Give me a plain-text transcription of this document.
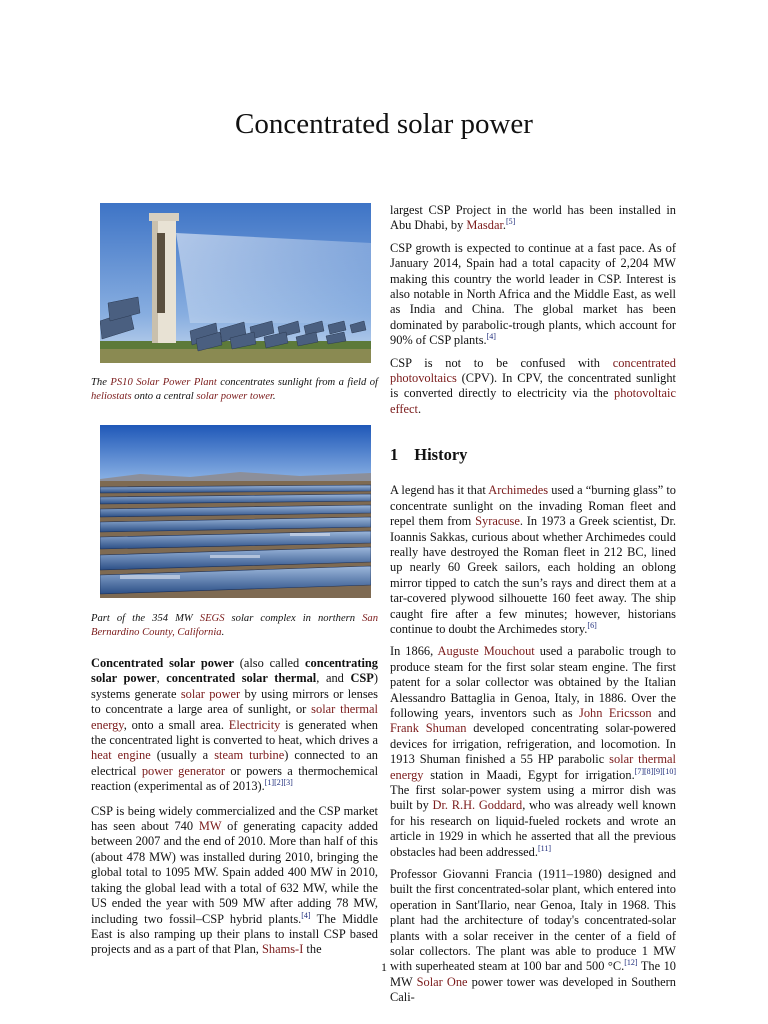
Concentrated solar power

The PS10 Solar Power Plant concentrates sunlight from a field of heliostats onto a central solar power tower.

Part of the 354 MW SEGS solar complex in northern San Bernardino County, California.

Concentrated solar power (also called concentrating solar power, concentrated solar thermal, and CSP) systems generate solar power by using mirrors or lenses to concentrate a large area of sunlight, or solar thermal energy, onto a small area. Electricity is generated when the concentrated light is converted to heat, which drives a heat engine (usually a steam turbine) connected to an electrical power generator or powers a thermochemical reaction (experimental as of 2013).[1][2][3]

CSP is being widely commercialized and the CSP market has seen about 740 MW of generating capacity added between 2007 and the end of 2010. More than half of this (about 478 MW) was installed during 2010, bringing the global total to 1095 MW. Spain added 400 MW in 2010, taking the global lead with a total of 632 MW, while the US ended the year with 509 MW after adding 78 MW, including two fossil–CSP hybrid plants.[4] The Middle East is also ramping up their plans to install CSP based projects and as a part of that Plan, Shams-I the

largest CSP Project in the world has been installed in Abu Dhabi, by Masdar.[5]

CSP growth is expected to continue at a fast pace. As of January 2014, Spain had a total capacity of 2,204 MW making this country the world leader in CSP. Interest is also notable in North Africa and the Middle East, as well as India and China. The global market has been dominated by parabolic-trough plants, which account for 90% of CSP plants.[4]

CSP is not to be confused with concentrated photovoltaics (CPV). In CPV, the concentrated sunlight is converted directly to electricity via the photovoltaic effect.

1 History

A legend has it that Archimedes used a “burning glass” to concentrate sunlight on the invading Roman fleet and repel them from Syracuse. In 1973 a Greek scientist, Dr. Ioannis Sakkas, curious about whether Archimedes could really have destroyed the Roman fleet in 212 BC, lined up nearly 60 Greek sailors, each holding an oblong mirror tipped to catch the sun’s rays and direct them at a tar-covered plywood silhouette 160 feet away. The ship caught fire after a few minutes; however, historians continue to doubt the Archimedes story.[6]

In 1866, Auguste Mouchout used a parabolic trough to produce steam for the first solar steam engine. The first patent for a solar collector was obtained by the Italian Alessandro Battaglia in Genoa, Italy, in 1886. Over the following years, inventors such as John Ericsson and Frank Shuman developed concentrating solar-powered devices for irrigation, refrigeration, and locomotion. In 1913 Shuman finished a 55 HP parabolic solar thermal energy station in Maadi, Egypt for irrigation.[7][8][9][10] The first solar-power system using a mirror dish was built by Dr. R.H. Goddard, who was already well known for his research on liquid-fueled rockets and wrote an article in 1929 in which he asserted that all the previous obstacles had been addressed.[11]

Professor Giovanni Francia (1911–1980) designed and built the first concentrated-solar plant, which entered into operation in Sant'Ilario, near Genoa, Italy in 1968. This plant had the architecture of today's concentrated-solar plants with a solar receiver in the center of a field of solar collectors. The plant was able to produce 1 MW with superheated steam at 100 bar and 500 °C.[12] The 10 MW Solar One power tower was developed in Southern Cali-

1
